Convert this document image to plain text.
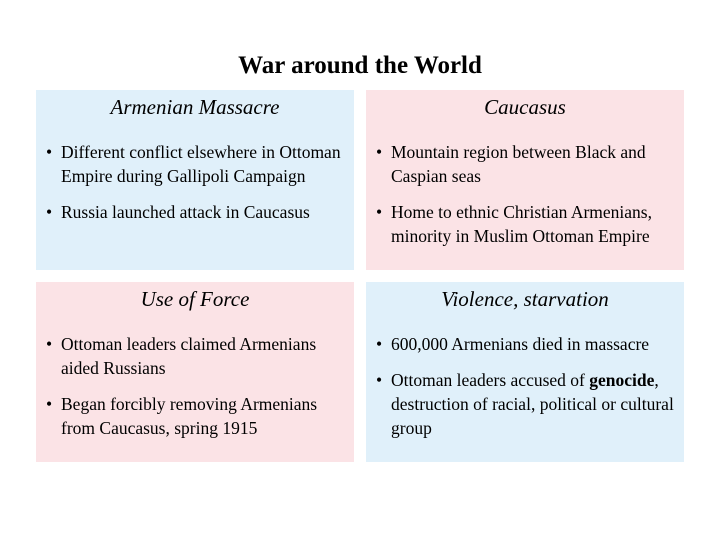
War around the World
Armenian Massacre
• Different conflict elsewhere in Ottoman Empire during Gallipoli Campaign
• Russia launched attack in Caucasus
Caucasus
• Mountain region between Black and Caspian seas
• Home to ethnic Christian Armenians, minority in Muslim Ottoman Empire
Use of Force
• Ottoman leaders claimed Armenians aided Russians
• Began forcibly removing Armenians from Caucasus, spring 1915
Violence, starvation
• 600,000 Armenians died in massacre
• Ottoman leaders accused of genocide, destruction of racial, political or cultural group
